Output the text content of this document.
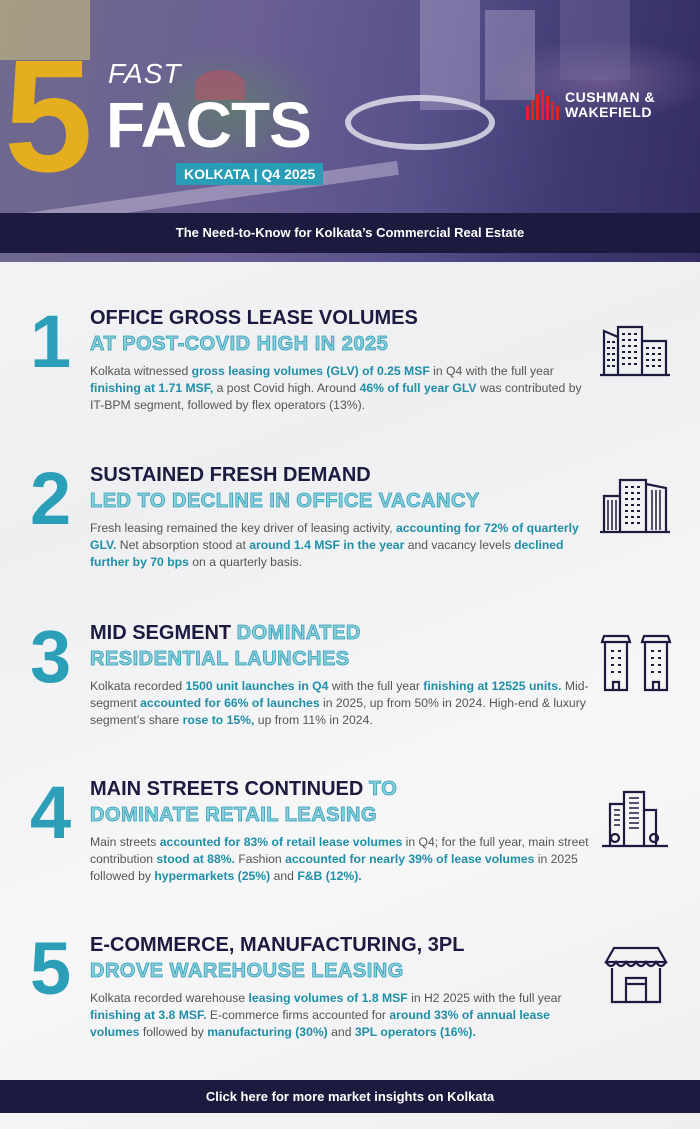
5 FAST
FACTS
KOLKATA | Q4 2025
CUSHMAN &
WAKEFIELD
The Need-to-Know for Kolkata’s Commercial Real Estate
1 OFFICE GROSS LEASE VOLUMES
AT POST-COVID HIGH IN 2025
Kolkata witnessed gross leasing volumes (GLV) of 0.25 MSF in Q4 with the full year finishing at 1.71 MSF, a post Covid high. Around 46% of full year GLV was contributed by IT-BPM segment, followed by flex operators (13%).
2 SUSTAINED FRESH DEMAND
LED TO DECLINE IN OFFICE VACANCY
Fresh leasing remained the key driver of leasing activity, accounting for 72% of quarterly GLV. Net absorption stood at around 1.4 MSF in the year and vacancy levels declined further by 70 bps on a quarterly basis.
3 MID SEGMENT DOMINATED
RESIDENTIAL LAUNCHES
Kolkata recorded 1500 unit launches in Q4 with the full year finishing at 12525 units. Mid-segment accounted for 66% of launches in 2025, up from 50% in 2024. High-end & luxury segment’s share rose to 15%, up from 11% in 2024.
4 MAIN STREETS CONTINUED TO
DOMINATE RETAIL LEASING
Main streets accounted for 83% of retail lease volumes in Q4; for the full year, main street contribution stood at 88%. Fashion accounted for nearly 39% of lease volumes in 2025 followed by hypermarkets (25%) and F&B (12%).
5 E-COMMERCE, MANUFACTURING, 3PL
DROVE WAREHOUSE LEASING
Kolkata recorded warehouse leasing volumes of 1.8 MSF in H2 2025 with the full year finishing at 3.8 MSF. E-commerce firms accounted for around 33% of annual lease volumes followed by manufacturing (30%) and 3PL operators (16%).
Click here for more market insights on Kolkata
